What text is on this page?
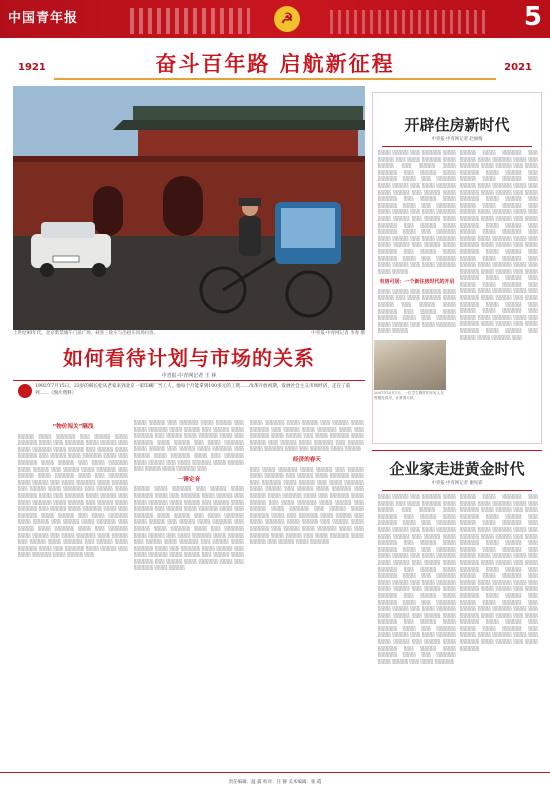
中国青年报	☭	5
1921	2021
奋斗百年路 启航新征程
上世纪90年代，北京紫禁城午门前广场，载客三轮车与出租车同场拉客。	中青报·中青网记者 李春 摄
如何看待计划与市场的关系
中青报·中青网记者 王 林
1992年7月15日，23岁的韩长松从老家来到北京一家印刷厂当工人，他每个月能拿到100多元的工资……改革开放初期，发展社会主义市场经济，走在了前列……（图片资料）
“物价闯关”隔浅
░░░░░ ░░░░ ░░░░░░ ░░░ ░░░░░ ░░░░ ░░░░░░ ░░░░ ░░░ ░░░░░░ ░░░░ ░░░░░ ░░░ ░░░░ ░░░░░░ ░░░░ ░░░░░ ░░░ ░░░░░ ░░░░ ░░░░░░ ░░░ ░░░░░ ░░░░ ░░░░░░ ░░░░ ░░░ ░░░░░░ ░░░░ ░░░░░ ░░░ ░░░░ ░░░░░░ ░░░░ ░░░░░ ░░░ ░░░░░ ░░░░ ░░░░░░ ░░░ ░░░░░ ░░░░ ░░░░░░ ░░░░ ░░░ ░░░░░░ ░░░░ ░░░░░ ░░░ ░░░░ ░░░░░░ ░░░░ ░░░░░ ░░░ ░░░░░ ░░░░ ░░░░░░ ░░░ ░░░░░ ░░░░ ░░░░░░ ░░░░ ░░░ ░░░░░░ ░░░░ ░░░░░ ░░░ ░░░░ ░░░░░░ ░░░░ ░░░░░ ░░░ ░░░░░ ░░░░ ░░░░░░ ░░░ ░░░░░ ░░░░ ░░░░░░ ░░░░ ░░░ ░░░░░░ ░░░░ ░░░░░ ░░░ ░░░░ ░░░░░░ ░░░░ ░░░░░ ░░░ ░░░░░ ░░░░ ░░░░░░ ░░░ ░░░░░ ░░░░ ░░░░░░ ░░░░ ░░░ ░░░░░░ ░░░░ ░░░░░ ░░░ ░░░░ ░░░░░░ ░░░░ ░░░░░ ░░░ ░░░░░ ░░░░ ░░░░░░ ░░░ ░░░░░ ░░░░ ░░░░░░ ░░░░ ░░░ ░░░░░░ ░░░░ ░░░░░ ░░░ ░░░░ ░░░░░░ ░░░░ ░░░░░ ░░░
░░░░ ░░░░░ ░░░ ░░░░░░ ░░░░ ░░░░░ ░░░ ░░░░ ░░░░░░ ░░░░ ░░░░░ ░░░ ░░░░░ ░░░░ ░░░░░░ ░░░ ░░░░░ ░░░░ ░░░░░░ ░░░░ ░░░ ░░░░░░ ░░░░ ░░░░░ ░░░ ░░░░ ░░░░░░ ░░░░ ░░░░░ ░░░ ░░░░░ ░░░░ ░░░░░░ ░░░ ░░░░░ ░░░░ ░░░░░░ ░░░░ ░░░ ░░░░░░ ░░░░ ░░░░░ ░░░ ░░░░ ░░░░░░ ░░░░ ░░░░░ ░░░ ░░░░░ ░░░░ ░░░░░░ ░░░
一锤定音
░░░░░ ░░░░ ░░░░░░ ░░░ ░░░░░ ░░░░ ░░░░░░ ░░░░ ░░░ ░░░░░░ ░░░░ ░░░░░ ░░░ ░░░░ ░░░░░░ ░░░░ ░░░░░ ░░░ ░░░░░ ░░░░ ░░░░░░ ░░░ ░░░░░ ░░░░ ░░░░░░ ░░░░ ░░░ ░░░░░░ ░░░░ ░░░░░ ░░░ ░░░░ ░░░░░░ ░░░░ ░░░░░ ░░░ ░░░░░ ░░░░ ░░░░░░ ░░░ ░░░░░ ░░░░ ░░░░░░ ░░░░ ░░░ ░░░░░░ ░░░░ ░░░░░ ░░░ ░░░░ ░░░░░░ ░░░░ ░░░░░ ░░░ ░░░░░ ░░░░ ░░░░░░ ░░░ ░░░░░ ░░░░ ░░░░░░ ░░░░ ░░░ ░░░░░░ ░░░░ ░░░░░ ░░░ ░░░░ ░░░░░░ ░░░░ ░░░░░ ░░░ ░░░░░ ░░░░ ░░░░░░ ░░░ ░░░░░ ░░░░ ░░░░░░ ░░░░ ░░░ ░░░░░░ ░░░░ ░░░░░
░░░░ ░░░░░░ ░░░░ ░░░░░ ░░░ ░░░░░ ░░░░ ░░░░░░ ░░░ ░░░░░ ░░░░ ░░░░░░ ░░░░ ░░░ ░░░░░░ ░░░░ ░░░░░ ░░░ ░░░░ ░░░░░░ ░░░░ ░░░░░ ░░░ ░░░░░ ░░░░ ░░░░░░ ░░░ ░░░░░ ░░░░ ░░░░░░ ░░░░ ░░░ ░░░░░░ ░░░░ ░░░░░
经济的春天
░░░ ░░░░ ░░░░░░ ░░░░ ░░░░░ ░░░ ░░░░░ ░░░░ ░░░░░░ ░░░ ░░░░░ ░░░░ ░░░░░░ ░░░░ ░░░ ░░░░░░ ░░░░ ░░░░░ ░░░ ░░░░ ░░░░░░ ░░░░ ░░░░░ ░░░ ░░░░░ ░░░░ ░░░░░░ ░░░ ░░░░░ ░░░░ ░░░░░░ ░░░░ ░░░ ░░░░░░ ░░░░ ░░░░░ ░░░ ░░░░ ░░░░░░ ░░░░ ░░░░░ ░░░ ░░░░░ ░░░░ ░░░░░░ ░░░ ░░░░░ ░░░░ ░░░░░░ ░░░░ ░░░ ░░░░░░ ░░░░ ░░░░░ ░░░ ░░░░ ░░░░░░ ░░░░ ░░░░░ ░░░ ░░░░░ ░░░░ ░░░░░░ ░░░ ░░░░░ ░░░░ ░░░░░░ ░░░░ ░░░ ░░░░░░ ░░░░ ░░░░░ ░░░ ░░░░ ░░░░░░ ░░░░ ░░░░░ ░░░ ░░░░░ ░░░░ ░░░░░░
开辟住房新时代
中青报·中青网记者 赵丽梅
░░░░ ░░░░░ ░░░ ░░░░░░ ░░░░ ░░░░░ ░░░ ░░░░ ░░░░░░ ░░░░ ░░░░░ ░░░ ░░░░░ ░░░░ ░░░░░░ ░░░ ░░░░░ ░░░░ ░░░░░░ ░░░░ ░░░ ░░░░░░ ░░░░ ░░░░░ ░░░ ░░░░ ░░░░░░ ░░░░ ░░░░░ ░░░ ░░░░░ ░░░░ ░░░░░░ ░░░ ░░░░░ ░░░░ ░░░░░░ ░░░░ ░░░ ░░░░░░ ░░░░ ░░░░░ ░░░ ░░░░ ░░░░░░ ░░░░ ░░░░░ ░░░ ░░░░░ ░░░░ ░░░░░░ ░░░ ░░░░░ ░░░░ ░░░░░░ ░░░░ ░░░ ░░░░░░ ░░░░ ░░░░░ ░░░ ░░░░ ░░░░░░ ░░░░ ░░░░░ ░░░ ░░░░░ ░░░░ ░░░░░░ ░░░ ░░░░░ ░░░░ ░░░░░░ ░░░░ ░░░ ░░░░░░ ░░░░ ░░░░░ ░░░ ░░░░ ░░░░░░ ░░░░ ░░░░░
有房可居：一个新住房时代的开启
░░░░ ░░░░░ ░░░ ░░░░░░ ░░░░ ░░░░░ ░░░ ░░░░ ░░░░░░ ░░░░ ░░░░░ ░░░ ░░░░░ ░░░░ ░░░░░░ ░░░ ░░░░░ ░░░░ ░░░░░░ ░░░░ ░░░ ░░░░░░ ░░░░ ░░░░░ ░░░ ░░░░ ░░░░░░ ░░░░ ░░░░░
░░░░░ ░░░░ ░░░░░░ ░░░ ░░░░░ ░░░░ ░░░░░░ ░░░░ ░░░ ░░░░░░ ░░░░ ░░░░░ ░░░ ░░░░ ░░░░░░ ░░░░ ░░░░░ ░░░ ░░░░░ ░░░░ ░░░░░░ ░░░ ░░░░░ ░░░░ ░░░░░░ ░░░░ ░░░ ░░░░░░ ░░░░ ░░░░░ ░░░ ░░░░ ░░░░░░ ░░░░ ░░░░░ ░░░ ░░░░░ ░░░░ ░░░░░░ ░░░ ░░░░░ ░░░░ ░░░░░░ ░░░░ ░░░ ░░░░░░ ░░░░ ░░░░░ ░░░ ░░░░ ░░░░░░ ░░░░ ░░░░░ ░░░ ░░░░░ ░░░░ ░░░░░░ ░░░ ░░░░░ ░░░░ ░░░░░░ ░░░░ ░░░ ░░░░░░ ░░░░ ░░░░░ ░░░ ░░░░ ░░░░░░ ░░░░ ░░░░░ ░░░ ░░░░░ ░░░░ ░░░░░░ ░░░ ░░░░░ ░░░░ ░░░░░░ ░░░░ ░░░ ░░░░░░ ░░░░ ░░░░░ ░░░ ░░░░ ░░░░░░ ░░░░ ░░░░░ ░░░ ░░░░░ ░░░░ ░░░░░░ ░░░ ░░░░░ ░░░░ ░░░░░░ ░░░░ ░░░ ░░░░░░ ░░░░ ░░░░░ ░░░ ░░░░ ░░░░░░ ░░░░ ░░░░░ ░░░ ░░░░░ ░░░░ ░░░░░░ ░░░ ░░░░░ ░░░░ ░░░░░░ ░░░░ ░░░ ░░░░░░ ░░░░ ░░░░░ ░░░ ░░░░ ░░░░░░ ░░░░ ░░░░░ ░░░ ░░░░░ ░░░░ ░░░░░░ ░░░
2007年10月1日，一位学生模样的年轻人在售楼处看房，计算着月供。
企业家走进黄金时代
中青报·中青网记者 谢宛霏
░░░░ ░░░░░ ░░░ ░░░░░░ ░░░░ ░░░░░ ░░░ ░░░░ ░░░░░░ ░░░░ ░░░░░ ░░░ ░░░░░ ░░░░ ░░░░░░ ░░░ ░░░░░ ░░░░ ░░░░░░ ░░░░ ░░░ ░░░░░░ ░░░░ ░░░░░ ░░░ ░░░░ ░░░░░░ ░░░░ ░░░░░ ░░░ ░░░░░ ░░░░ ░░░░░░ ░░░ ░░░░░ ░░░░ ░░░░░░ ░░░░ ░░░ ░░░░░░ ░░░░ ░░░░░ ░░░ ░░░░ ░░░░░░ ░░░░ ░░░░░ ░░░ ░░░░░ ░░░░ ░░░░░░ ░░░ ░░░░░ ░░░░ ░░░░░░ ░░░░ ░░░ ░░░░░░ ░░░░ ░░░░░ ░░░ ░░░░ ░░░░░░ ░░░░ ░░░░░ ░░░ ░░░░░ ░░░░ ░░░░░░ ░░░ ░░░░░ ░░░░ ░░░░░░ ░░░░ ░░░ ░░░░░░ ░░░░ ░░░░░ ░░░ ░░░░ ░░░░░░ ░░░░ ░░░░░ ░░░ ░░░░░ ░░░░ ░░░░░░ ░░░ ░░░░░ ░░░░ ░░░░░░ ░░░░ ░░░ ░░░░░░ ░░░░ ░░░░░ ░░░ ░░░░ ░░░░░░ ░░░░ ░░░░░ ░░░ ░░░░░ ░░░░ ░░░░░░ ░░░ ░░░░░ ░░░░ ░░░░░░ ░░░░ ░░░ ░░░░░░ ░░░░ ░░░░░ ░░░ ░░░░ ░░░░░░
░░░░░ ░░░░ ░░░░░░ ░░░ ░░░░░ ░░░░ ░░░░░░ ░░░░ ░░░ ░░░░░░ ░░░░ ░░░░░ ░░░ ░░░░ ░░░░░░ ░░░░ ░░░░░ ░░░ ░░░░░ ░░░░ ░░░░░░ ░░░ ░░░░░ ░░░░ ░░░░░░ ░░░░ ░░░ ░░░░░░ ░░░░ ░░░░░ ░░░ ░░░░ ░░░░░░ ░░░░ ░░░░░ ░░░ ░░░░░ ░░░░ ░░░░░░ ░░░ ░░░░░ ░░░░ ░░░░░░ ░░░░ ░░░ ░░░░░░ ░░░░ ░░░░░ ░░░ ░░░░ ░░░░░░ ░░░░ ░░░░░ ░░░ ░░░░░ ░░░░ ░░░░░░ ░░░ ░░░░░ ░░░░ ░░░░░░ ░░░░ ░░░ ░░░░░░ ░░░░ ░░░░░ ░░░ ░░░░ ░░░░░░ ░░░░ ░░░░░ ░░░ ░░░░░ ░░░░ ░░░░░░ ░░░ ░░░░░ ░░░░ ░░░░░░ ░░░░ ░░░ ░░░░░░ ░░░░ ░░░░░ ░░░ ░░░░ ░░░░░░ ░░░░ ░░░░░ ░░░ ░░░░░ ░░░░ ░░░░░░ ░░░ ░░░░░ ░░░░ ░░░░░░ ░░░░ ░░░ ░░░░░░ ░░░░ ░░░░░ ░░░ ░░░░ ░░░░░░
责任编辑：温 露 校对：汪 静 美术编辑：张 霞
